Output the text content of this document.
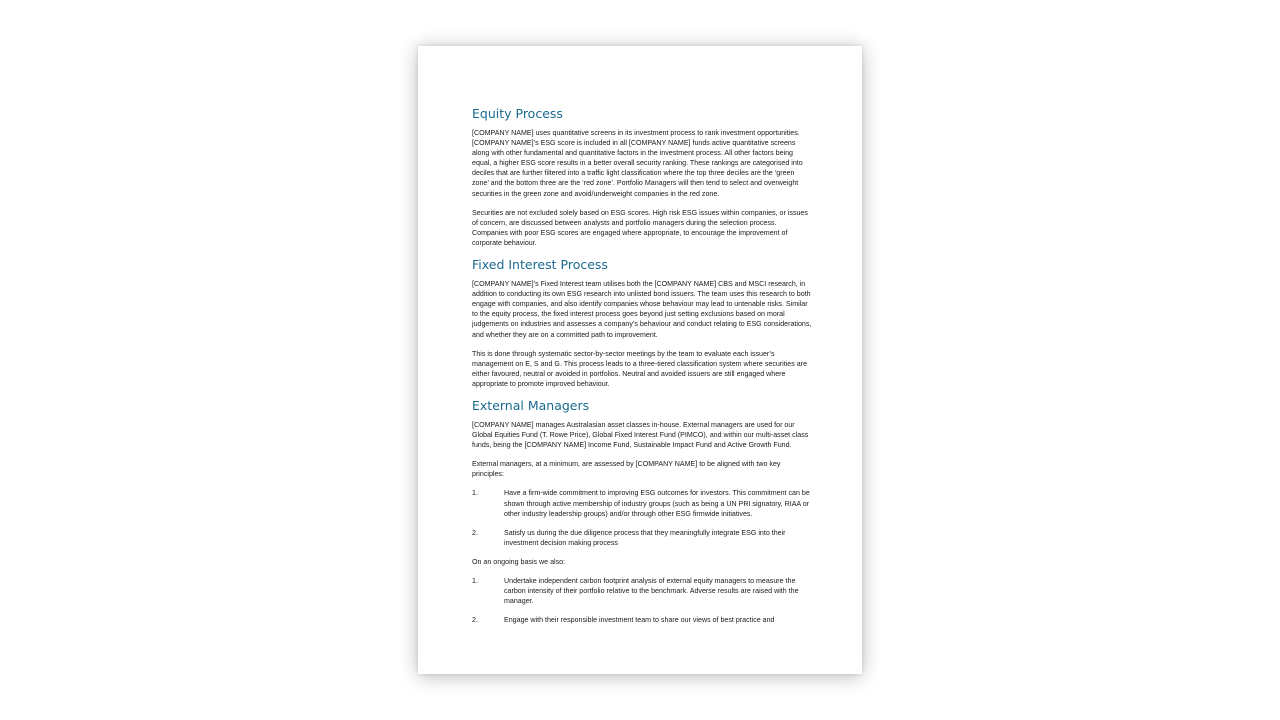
Equity Process

[COMPANY NAME] uses quantitative screens in its investment process to rank investment opportunities. [COMPANY NAME]’s ESG score is included in all [COMPANY NAME] funds active quantitative screens along with other fundamental and quantitative factors in the investment process. All other factors being equal, a higher ESG score results in a better overall security ranking. These rankings are categorised into deciles that are further filtered into a traffic light classification where the top three deciles are the ‘green zone’ and the bottom three are the ‘red zone’. Portfolio Managers will then tend to select and overweight securities in the green zone and avoid/underweight companies in the red zone.

Securities are not excluded solely based on ESG scores. High risk ESG issues within companies, or issues of concern, are discussed between analysts and portfolio managers during the selection process. Companies with poor ESG scores are engaged where appropriate, to encourage the improvement of corporate behaviour.

Fixed Interest Process

[COMPANY NAME]’s Fixed Interest team utilises both the [COMPANY NAME] CBS and MSCI research, in addition to conducting its own ESG research into unlisted bond issuers. The team uses this research to both engage with companies, and also identify companies whose behaviour may lead to untenable risks. Similar to the equity process, the fixed interest process goes beyond just setting exclusions based on moral judgements on industries and assesses a company’s behaviour and conduct relating to ESG considerations, and whether they are on a committed path to improvement.

This is done through systematic sector-by-sector meetings by the team to evaluate each issuer’s management on E, S and G. This process leads to a three-tiered classification system where securities are either favoured, neutral or avoided in portfolios. Neutral and avoided issuers are still engaged where appropriate to promote improved behaviour.

External Managers

[COMPANY NAME] manages Australasian asset classes in-house. External managers are used for our Global Equities Fund (T. Rowe Price), Global Fixed Interest Fund (PIMCO), and within our multi-asset class funds, being the [COMPANY NAME] Income Fund, Sustainable Impact Fund and Active Growth Fund.

External managers, at a minimum, are assessed by [COMPANY NAME] to be aligned with two key principles:

1.	Have a firm-wide commitment to improving ESG outcomes for investors. This commitment can be shown through active membership of industry groups (such as being a UN PRI signatory, RIAA or other industry leadership groups) and/or through other ESG firmwide initiatives.
2.	Satisfy us during the due diligence process that they meaningfully integrate ESG into their investment decision making process

On an ongoing basis we also:

1.	Undertake independent carbon footprint analysis of external equity managers to measure the carbon intensity of their portfolio relative to the benchmark. Adverse results are raised with the manager.
2.	Engage with their responsible investment team to share our views of best practice and
